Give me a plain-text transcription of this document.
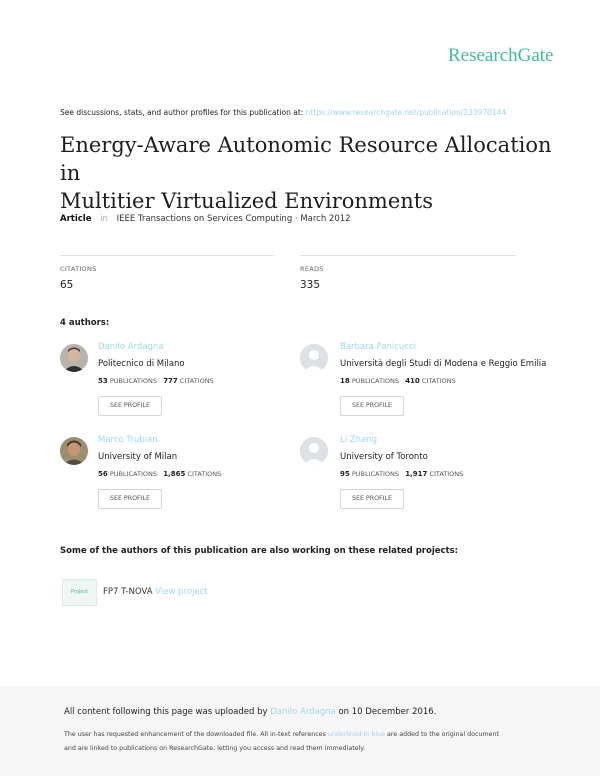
ResearchGate
See discussions, stats, and author profiles for this publication at: https://www.researchgate.net/publication/233970144
Energy-Aware Autonomic Resource Allocation in
Multitier Virtualized Environments
Article in IEEE Transactions on Services Computing · March 2012
CITATIONS
65
READS
335
4 authors:
Danilo Ardagna
Politecnico di Milano
53 PUBLICATIONS 777 CITATIONS
SEE PROFILE
Barbara Panicucci
Università degli Studi di Modena e Reggio Emilia
18 PUBLICATIONS 410 CITATIONS
SEE PROFILE
Marco Trubian
University of Milan
56 PUBLICATIONS 1,865 CITATIONS
SEE PROFILE
Li Zhang
University of Toronto
95 PUBLICATIONS 1,917 CITATIONS
SEE PROFILE
Some of the authors of this publication are also working on these related projects:
Project	FP7 T-NOVA View project
All content following this page was uploaded by Danilo Ardagna on 10 December 2016.
The user has requested enhancement of the downloaded file. All in-text references underlined in blue are added to the original document
and are linked to publications on ResearchGate, letting you access and read them immediately.
